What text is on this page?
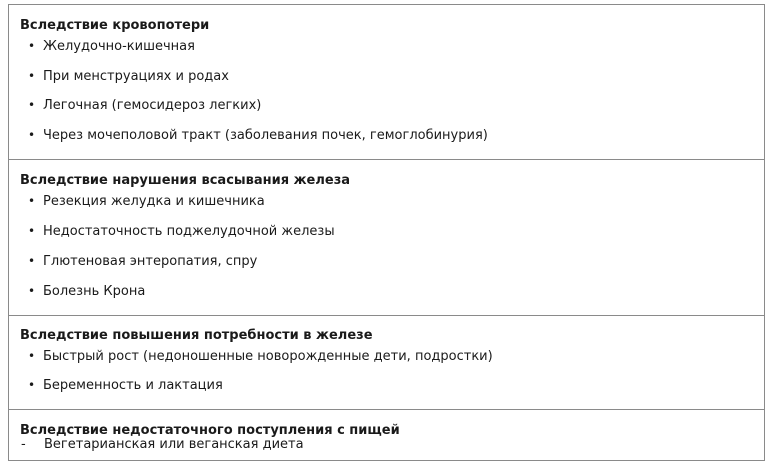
Вследствие кровопотери
• Желудочно-кишечная
• При менструациях и родах
• Легочная (гемосидероз легких)
• Через мочеполовой тракт (заболевания почек, гемоглобинурия)
Вследствие нарушения всасывания железа
• Резекция желудка и кишечника
• Недостаточность поджелудочной железы
• Глютеновая энтеропатия, спру
• Болезнь Крона
Вследствие повышения потребности в железе
• Быстрый рост (недоношенные новорожденные дети, подростки)
• Беременность и лактация
Вследствие недостаточного поступления с пищей
- Вегетарианская или веганская диета
